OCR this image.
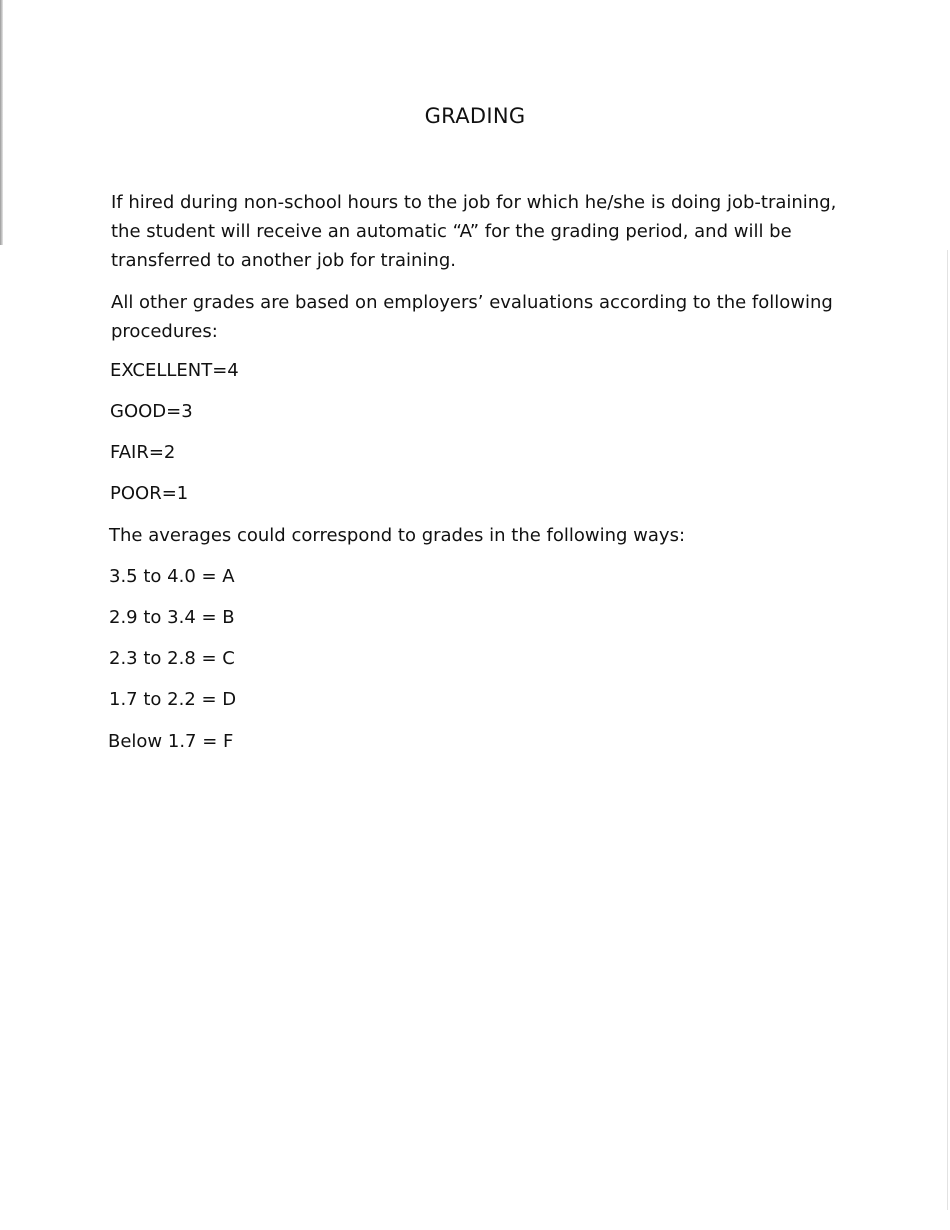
GRADING

If hired during non-school hours to the job for which he/she is doing job-training, the student will receive an automatic “A” for the grading period, and will be transferred to another job for training.

All other grades are based on employers’ evaluations according to the following procedures:

EXCELLENT=4

GOOD=3

FAIR=2

POOR=1

The averages could correspond to grades in the following ways:

3.5 to 4.0 = A

2.9 to 3.4 = B

2.3 to 2.8 = C

1.7 to 2.2 = D

Below 1.7 = F
